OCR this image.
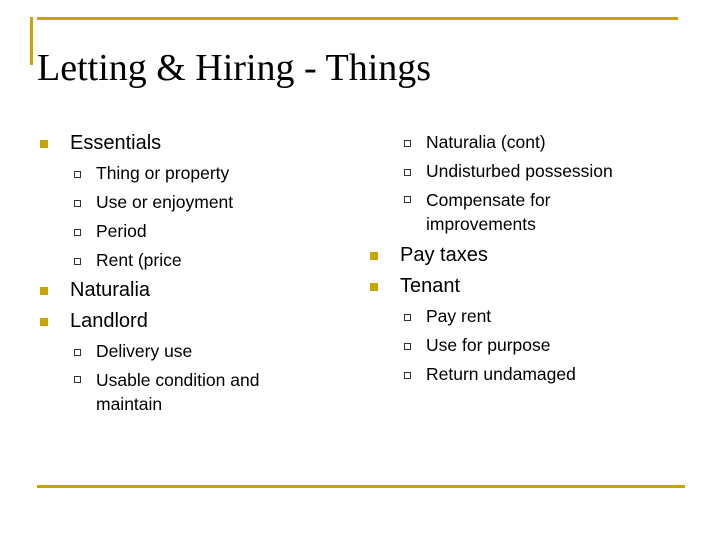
Letting & Hiring - Things
Essentials
Thing or property
Use or enjoyment
Period
Rent (price
Naturalia
Landlord
Delivery use
Usable condition and maintain
Naturalia (cont)
Undisturbed possession
Compensate for improvements
Pay taxes
Tenant
Pay rent
Use for purpose
Return undamaged
